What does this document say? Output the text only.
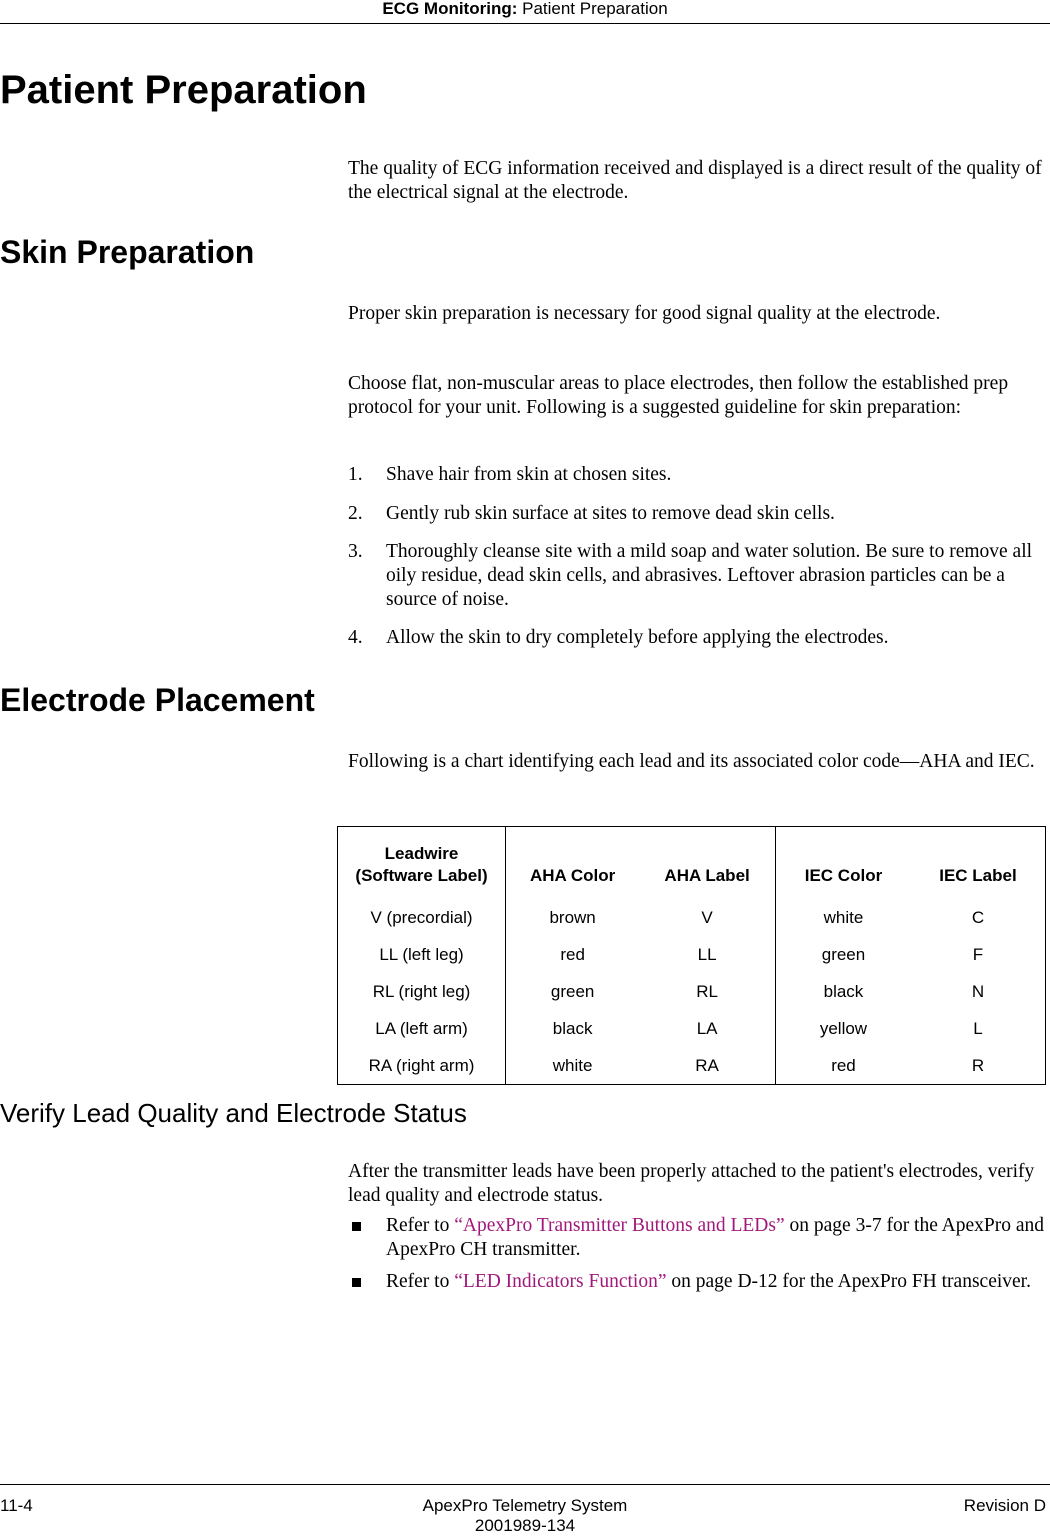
ECG Monitoring: Patient Preparation
Patient Preparation

The quality of ECG information received and displayed is a direct result of the quality of the electrical signal at the electrode.

Skin Preparation

Proper skin preparation is necessary for good signal quality at the electrode.

Choose flat, non-muscular areas to place electrodes, then follow the established prep protocol for your unit. Following is a suggested guideline for skin preparation:

1. Shave hair from skin at chosen sites.
2. Gently rub skin surface at sites to remove dead skin cells.
3. Thoroughly cleanse site with a mild soap and water solution. Be sure to remove all oily residue, dead skin cells, and abrasives. Leftover abrasion particles can be a source of noise.
4. Allow the skin to dry completely before applying the electrodes.
Electrode Placement

Following is a chart identifying each lead and its associated color code—AHA and IEC.

Leadwire
(Software Label)	AHA Color	AHA Label	IEC Color	IEC Label
V (precordial)	brown	V	white	C
LL (left leg)	red	LL	green	F
RL (right leg)	green	RL	black	N
LA (left arm)	black	LA	yellow	L
RA (right arm)	white	RA	red	R
Verify Lead Quality and Electrode Status

After the transmitter leads have been properly attached to the patient's electrodes, verify lead quality and electrode status.

Refer to “ApexPro Transmitter Buttons and LEDs” on page 3-7 for the ApexPro and ApexPro CH transmitter.
Refer to “LED Indicators Function” on page D-12 for the ApexPro FH transceiver.
11-4	ApexPro Telemetry System
2001989-134
Revision D
